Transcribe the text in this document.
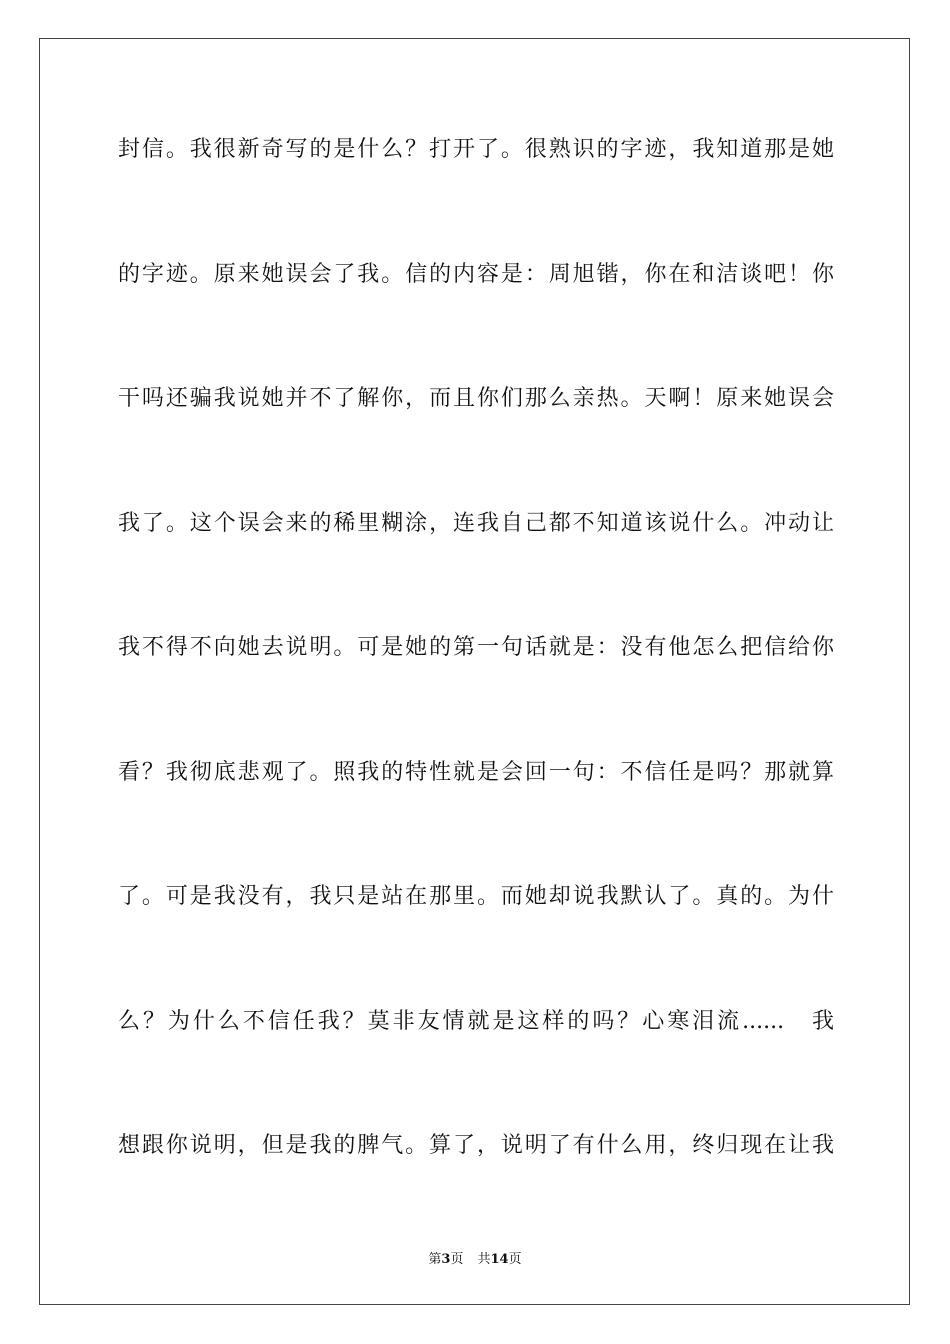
封信。我很新奇写的是什么？打开了。很熟识的字迹，我知道那是她
的字迹。原来她误会了我。信的内容是：周旭锴，你在和洁谈吧！你
干吗还骗我说她并不了解你，而且你们那么亲热。天啊！原来她误会
我了。这个误会来的稀里糊涂，连我自己都不知道该说什么。冲动让
我不得不向她去说明。可是她的第一句话就是：没有他怎么把信给你
看？我彻底悲观了。照我的特性就是会回一句：不信任是吗？那就算
了。可是我没有，我只是站在那里。而她却说我默认了。真的。为什
么？为什么不信任我？莫非友情就是这样的吗？心寒泪流......　我
想跟你说明，但是我的脾气。算了，说明了有什么用，终归现在让我
第3页 共14页
